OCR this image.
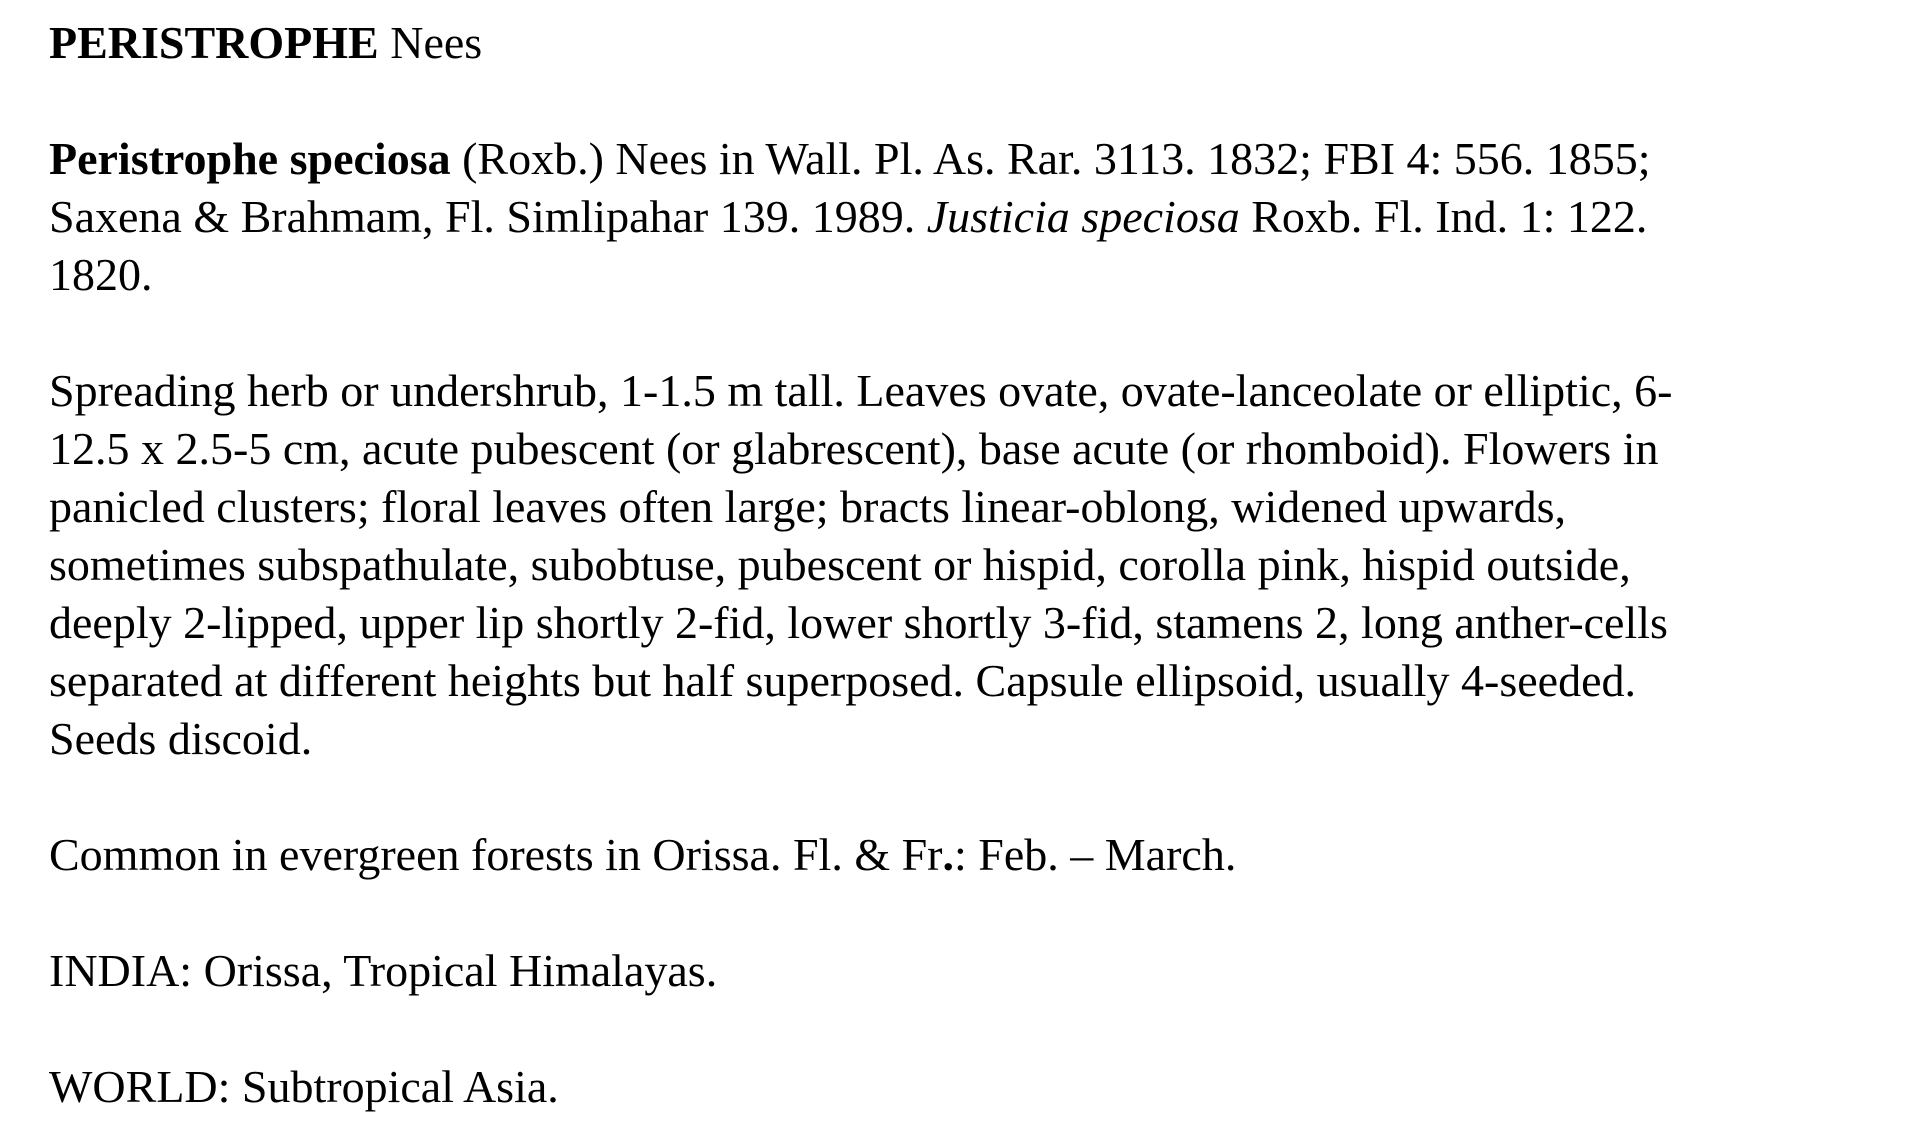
PERISTROPHE Nees
Peristrophe speciosa (Roxb.) Nees in Wall. Pl. As. Rar. 3113. 1832; FBI 4: 556. 1855;
Saxena & Brahmam, Fl. Simlipahar 139. 1989. Justicia speciosa Roxb. Fl. Ind. 1: 122.
1820.
Spreading herb or undershrub, 1-1.5 m tall. Leaves ovate, ovate-lanceolate or elliptic, 6-
12.5 x 2.5-5 cm, acute pubescent (or glabrescent), base acute (or rhomboid). Flowers in
panicled clusters; floral leaves often large; bracts linear-oblong, widened upwards,
sometimes subspathulate, subobtuse, pubescent or hispid, corolla pink, hispid outside,
deeply 2-lipped, upper lip shortly 2-fid, lower shortly 3-fid, stamens 2, long anther-cells
separated at different heights but half superposed. Capsule ellipsoid, usually 4-seeded.
Seeds discoid.
Common in evergreen forests in Orissa. Fl. & Fr.: Feb. – March.
INDIA: Orissa, Tropical Himalayas.
WORLD: Subtropical Asia.
